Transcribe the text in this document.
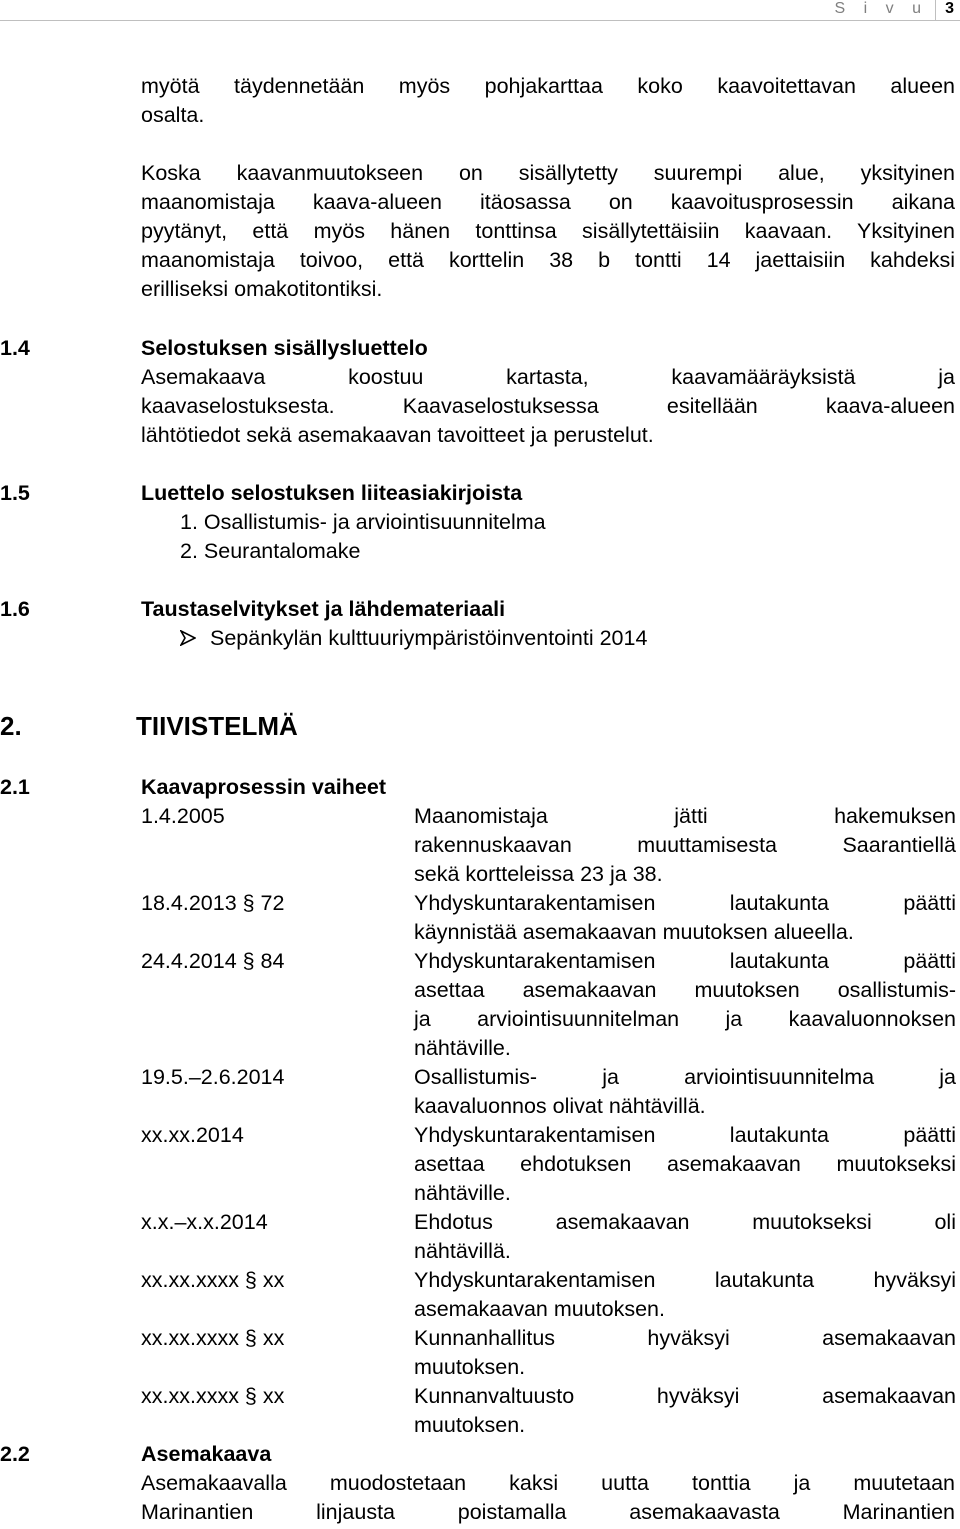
S i v u 3
myötä täydennetään myös pohjakarttaa koko kaavoitettavan alueen
osalta.
Koska kaavanmuutokseen on sisällytetty suurempi alue, yksityinen
maanomistaja kaava-alueen itäosassa on kaavoitusprosessin aikana
pyytänyt, että myös hänen tonttinsa sisällytettäisiin kaavaan. Yksityinen
maanomistaja toivoo, että korttelin 38 b tontti 14 jaettaisiin kahdeksi
erilliseksi omakotitontiksi.
1.4	Selostuksen sisällysluettelo
Asemakaava koostuu kartasta, kaavamääräyksistä ja
kaavaselostuksesta. Kaavaselostuksessa esitellään kaava-alueen
lähtötiedot sekä asemakaavan tavoitteet ja perustelut.
1.5	Luettelo selostuksen liiteasiakirjoista
1. Osallistumis- ja arviointisuunnitelma
2. Seurantalomake
1.6	Taustaselvitykset ja lähdemateriaali
Sepänkylän kulttuuriympäristöinventointi 2014
2.	TIIVISTELMÄ
2.1	Kaavaprosessin vaiheet
1.4.2005	Maanomistaja jätti hakemuksen
rakennuskaavan muuttamisesta Saarantiellä
sekä kortteleissa 23 ja 38.
18.4.2013 § 72	Yhdyskuntarakentamisen lautakunta päätti
käynnistää asemakaavan muutoksen alueella.
24.4.2014 § 84	Yhdyskuntarakentamisen lautakunta päätti
asettaa asemakaavan muutoksen osallistumis-
ja arviointisuunnitelman ja kaavaluonnoksen
nähtäville.
19.5.–2.6.2014	Osallistumis- ja arviointisuunnitelma ja
kaavaluonnos olivat nähtävillä.
xx.xx.2014	Yhdyskuntarakentamisen lautakunta päätti
asettaa ehdotuksen asemakaavan muutokseksi
nähtäville.
x.x.–x.x.2014	Ehdotus asemakaavan muutokseksi oli
nähtävillä.
xx.xx.xxxx § xx	Yhdyskuntarakentamisen lautakunta hyväksyi
asemakaavan muutoksen.
xx.xx.xxxx § xx	Kunnanhallitus hyväksyi asemakaavan
muutoksen.
xx.xx.xxxx § xx	Kunnanvaltuusto hyväksyi asemakaavan
muutoksen.
2.2	Asemakaava
Asemakaavalla muodostetaan kaksi uutta tonttia ja muutetaan
Marinantien linjausta poistamalla asemakaavasta Marinantien
